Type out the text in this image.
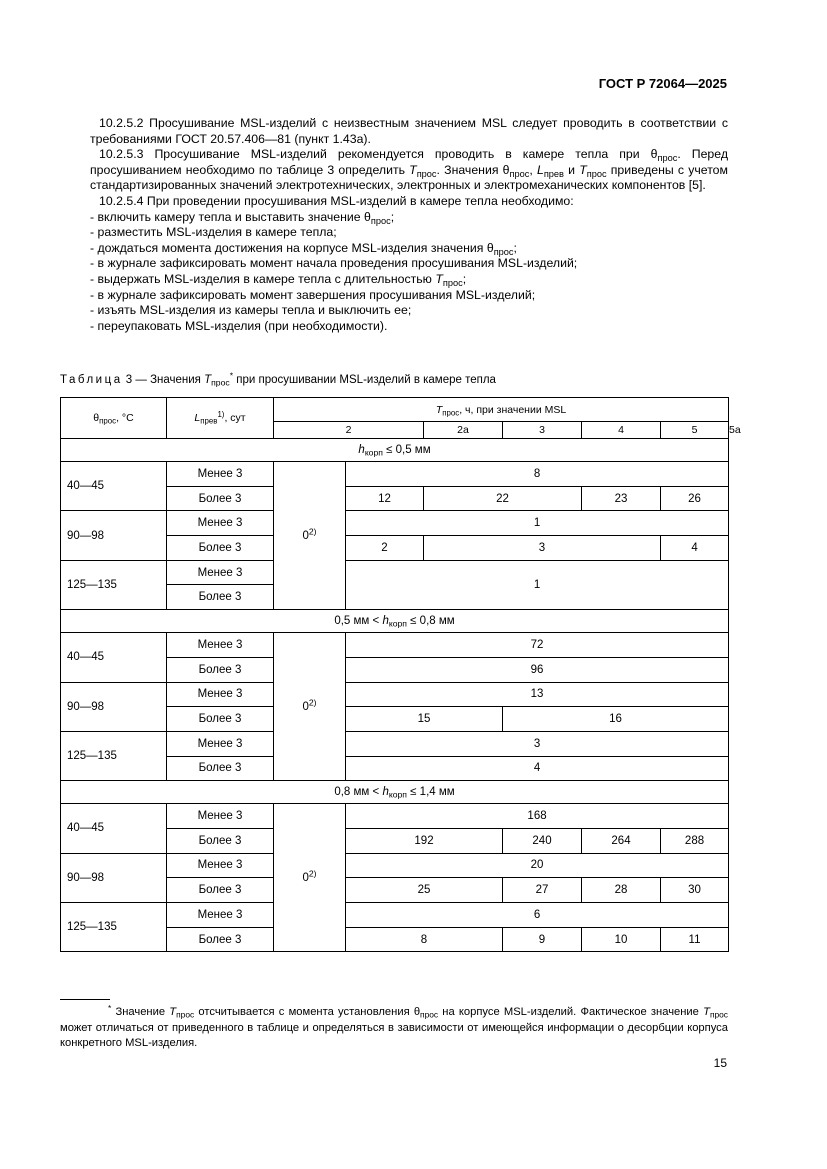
ГОСТ Р 72064—2025

10.2.5.2 Просушивание MSL-изделий с неизвестным значением MSL следует проводить в соответствии с требованиями ГОСТ 20.57.406—81 (пункт 1.43а).

10.2.5.3 Просушивание MSL-изделий рекомендуется проводить в камере тепла при $\theta_{прос}$. Перед просушиванием необходимо по таблице 3 определить $T_{прос}$. Значения $\theta_{прос}$, $L_{прев}$ и $T_{прос}$ приведены с учетом стандартизированных значений электротехнических, электронных и электромеханических компонентов [5].

10.2.5.4 При проведении просушивания MSL-изделий в камере тепла необходимо:

- включить камеру тепла и выставить значение $\theta_{прос}$;

- разместить MSL-изделия в камере тепла;

- дождаться момента достижения на корпусе MSL-изделия значения $\theta_{прос}$;

- в журнале зафиксировать момент начала проведения просушивания MSL-изделий;

- выдержать MSL-изделия в камере тепла с длительностью $T_{прос}$;

- в журнале зафиксировать момент завершения просушивания MSL-изделий;

- изъять MSL-изделия из камеры тепла и выключить ее;

- переупаковать MSL-изделия (при необходимости).

Таблица 3 — Значения $T_{прос}^*$ при просушивании MSL-изделий в камере тепла
$\theta_{прос}$, °С	$L_{прев}^{1)}$, сут	$T_{прос}$, ч, при значении MSL						
		2		2а	3	4	5	5а
$h_{корп} \le 0,5$ мм								
40—45	Менее 3	0$^{2)}$	8					
	Более 3		12	22		23	26	
90—98	Менее 3		1					
	Более 3		2	3			4	
125—135	Менее 3		1					
	Более 3							
0,5 мм < $h_{корп} \le 0,8$ мм								
40—45	Менее 3	0$^{2)}$	72					
	Более 3		96					
90—98	Менее 3		13					
	Более 3		15		16			
125—135	Менее 3		3					
	Более 3		4					
0,8 мм < $h_{корп} \le 1,4$ мм								
40—45	Менее 3	0$^{2)}$	168					
	Более 3		192		240	264	288	
90—98	Менее 3		20					
	Более 3		25		27	28	30	
125—135	Менее 3		6					
	Более 3		8		9	10	11	
* Значение $T_{прос}$ отсчитывается с момента установления $\theta_{прос}$ на корпусе MSL-изделий. Фактическое значение $T_{прос}$ может отличаться от приведенного в таблице и определяться в зависимости от имеющейся информации о десорбции корпуса конкретного MSL-изделия.
15
